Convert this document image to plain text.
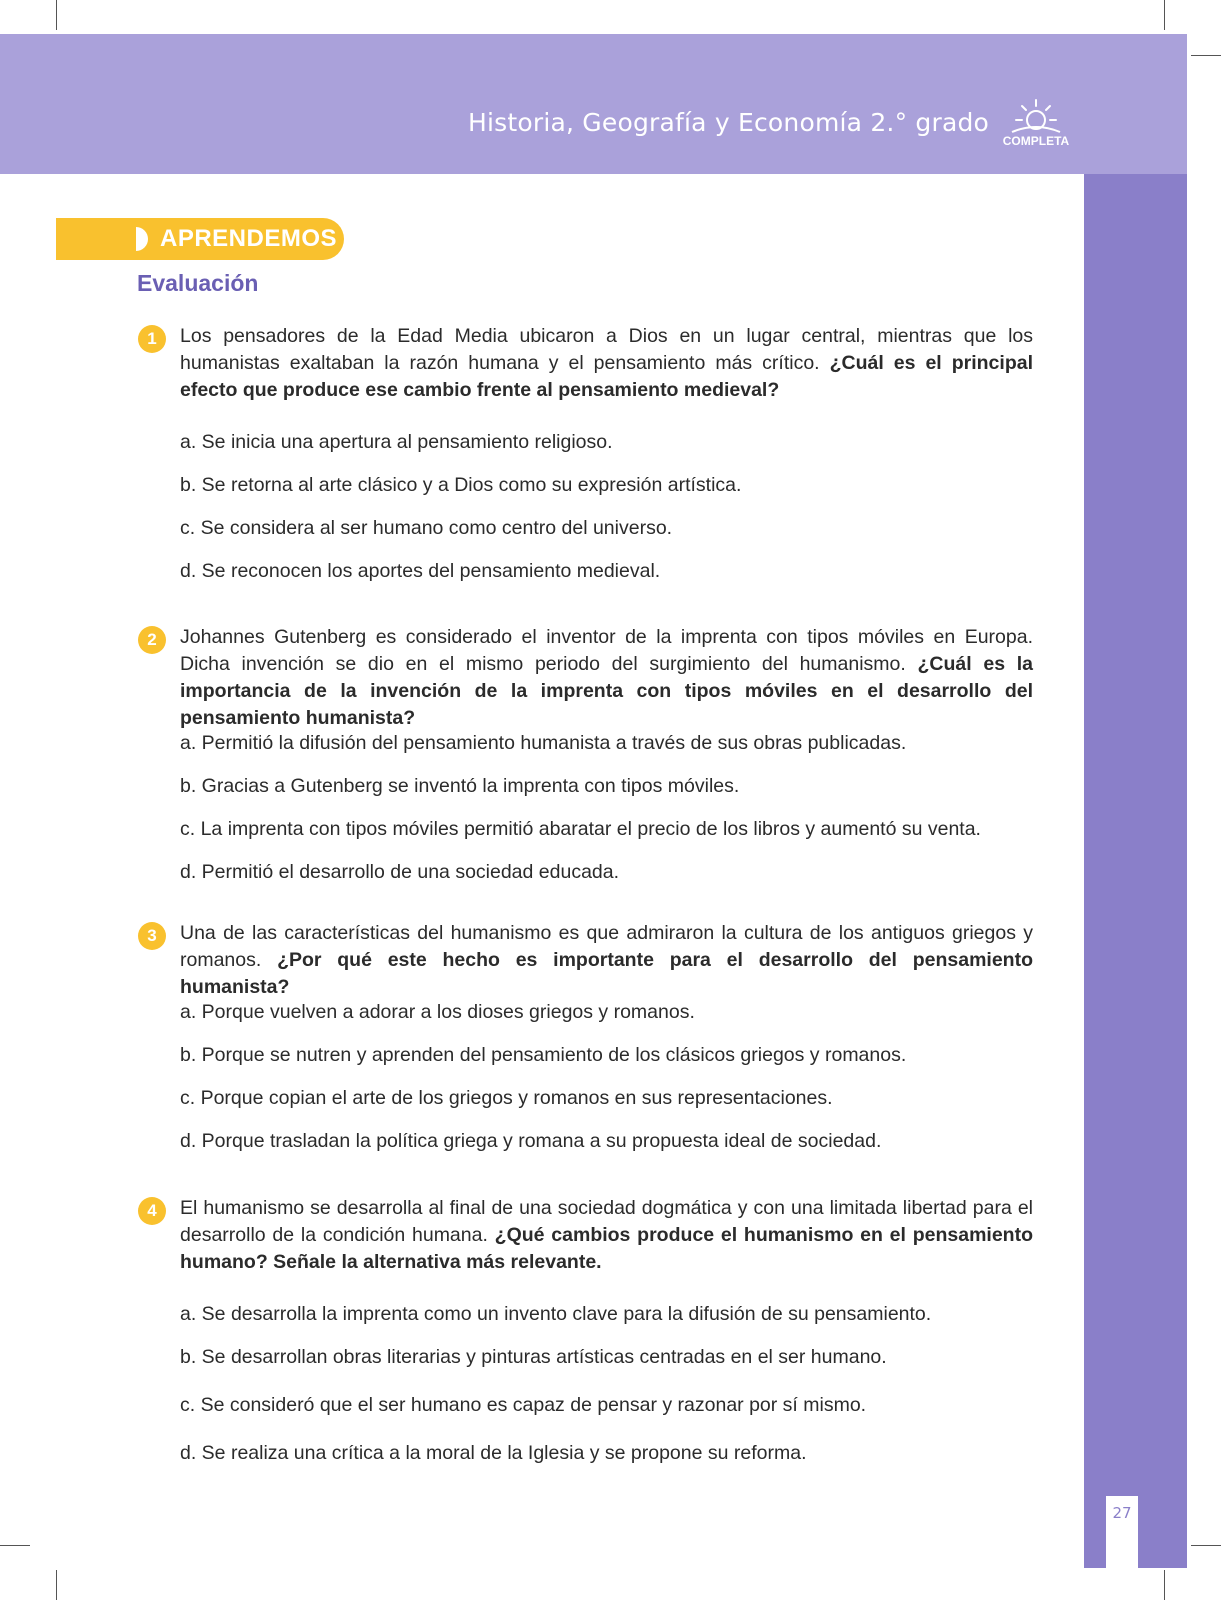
Historia, Geografía y Economía 2.° grado
COMPLETA
27
APRENDEMOS
Evaluación
1	Los pensadores de la Edad Media ubicaron a Dios en un lugar central, mientras que los humanistas exaltaban la razón humana y el pensamiento más crítico. ¿Cuál es el principal efecto que produce ese cambio frente al pensamiento medieval?
a. Se inicia una apertura al pensamiento religioso.
b. Se retorna al arte clásico y a Dios como su expresión artística.
c. Se considera al ser humano como centro del universo.
d. Se reconocen los aportes del pensamiento medieval.
2	Johannes Gutenberg es considerado el inventor de la imprenta con tipos móviles en Europa. Dicha invención se dio en el mismo periodo del surgimiento del humanismo. ¿Cuál es la importancia de la invención de la imprenta con tipos móviles en el desarrollo del pensamiento humanista?
a. Permitió la difusión del pensamiento humanista a través de sus obras publicadas.
b. Gracias a Gutenberg se inventó la imprenta con tipos móviles.
c. La imprenta con tipos móviles permitió abaratar el precio de los libros y aumentó su venta.
d. Permitió el desarrollo de una sociedad educada.
3	Una de las características del humanismo es que admiraron la cultura de los antiguos griegos y romanos. ¿Por qué este hecho es importante para el desarrollo del pensamiento humanista?
a. Porque vuelven a adorar a los dioses griegos y romanos.
b. Porque se nutren y aprenden del pensamiento de los clásicos griegos y romanos.
c. Porque copian el arte de los griegos y romanos en sus representaciones.
d. Porque trasladan la política griega y romana a su propuesta ideal de sociedad.
4	El humanismo se desarrolla al final de una sociedad dogmática y con una limitada libertad para el desarrollo de la condición humana. ¿Qué cambios produce el humanismo en el pensamiento humano? Señale la alternativa más relevante.
a. Se desarrolla la imprenta como un invento clave para la difusión de su pensamiento.
b. Se desarrollan obras literarias y pinturas artísticas centradas en el ser humano.
c. Se consideró que el ser humano es capaz de pensar y razonar por sí mismo.
d. Se realiza una crítica a la moral de la Iglesia y se propone su reforma.
